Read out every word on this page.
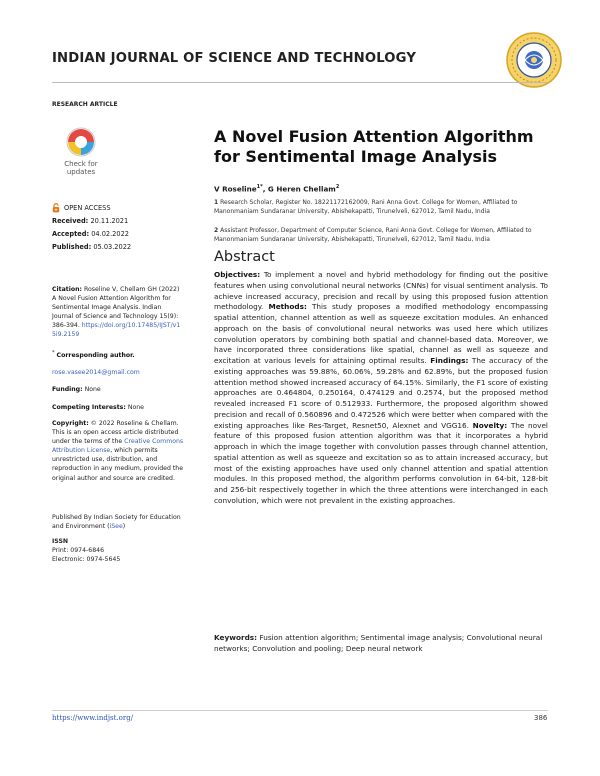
INDIAN JOURNAL OF SCIENCE AND TECHNOLOGY
RESEARCH ARTICLE
Check for
updates
A Novel Fusion Attention Algorithm for Sentimental Image Analysis
V Roseline$^{1*}$, G Heren Chellam$^2$
1 Research Scholar, Register No. 18221172162009, Rani Anna Govt. College for Women, Affiliated to Manonmaniam Sundaranar University, Abishekapatti, Tirunelveli, 627012, Tamil Nadu, India
2 Assistant Professor, Department of Computer Science, Rani Anna Govt. College for Women, Affiliated to Manonmaniam Sundaranar University, Abishekapatti, Tirunelveli, 627012, Tamil Nadu, India
OPEN ACCESS
Received: 20.11.2021
Accepted: 04.02.2022
Published: 05.03.2022
Citation: Roseline V, Chellam GH (2022) A Novel Fusion Attention Algorithm for Sentimental Image Analysis. Indian Journal of Science and Technology 15(9): 386-394. https://doi.org/10.17485/IJST/v15i9.2159
* Corresponding author.
rose.vasee2014@gmail.com
Funding: None
Competing Interests: None
Copyright: © 2022 Roseline & Chellam. This is an open access article distributed under the terms of the Creative Commons Attribution License, which permits unrestricted use, distribution, and reproduction in any medium, provided the original author and source are credited.
Published By Indian Society for Education and Environment (iSee)
ISSN
Print: 0974-6846
Electronic: 0974-5645
Abstract
Objectives: To implement a novel and hybrid methodology for finding out the positive features when using convolutional neural networks (CNNs) for visual sentiment analysis. To achieve increased accuracy, precision and recall by using this proposed fusion attention methodology. Methods: This study proposes a modified methodology encompassing spatial attention, channel attention as well as squeeze excitation modules. An enhanced approach on the basis of convolutional neural networks was used here which utilizes convolution operators by combining both spatial and channel-based data. Moreover, we have incorporated three considerations like spatial, channel as well as squeeze and excitation at various levels for attaining optimal results. Findings: The accuracy of the existing approaches was 59.88%, 60.06%, 59.28% and 62.89%, but the proposed fusion attention method showed increased accuracy of 64.15%. Similarly, the F1 score of existing approaches are 0.464804, 0.250164, 0.474129 and 0.2574, but the proposed method revealed increased F1 score of 0.512933. Furthermore, the proposed algorithm showed precision and recall of 0.560896 and 0.472526 which were better when compared with the existing approaches like Res-Target, Resnet50, Alexnet and VGG16. Novelty: The novel feature of this proposed fusion attention algorithm was that it incorporates a hybrid approach in which the image together with convolution passes through channel attention, spatial attention as well as squeeze and excitation so as to attain increased accuracy, but most of the existing approaches have used only channel attention and spatial attention modules. In this proposed method, the algorithm performs convolution in 64-bit, 128-bit and 256-bit respectively together in which the three attentions were interchanged in each convolution, which were not prevalent in the existing approaches.
Keywords: Fusion attention algorithm; Sentimental image analysis; Convolutional neural networks; Convolution and pooling; Deep neural network
https://www.indjst.org/	386
